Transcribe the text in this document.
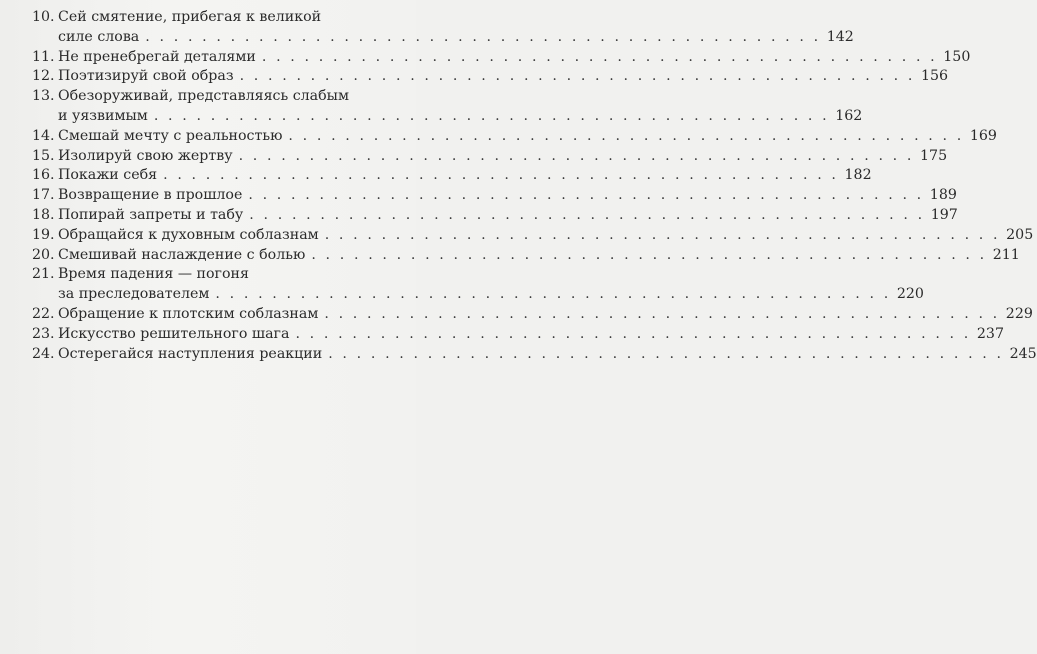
10. Сей смятение, прибегая к великой
силе слова . . . . . . . . . . . . . . . . . . . . . . . . . . . . . . . . . . . . . . . . . . . . . . . . 142
11. Не пренебрегай деталями . . . . . . . . . . . . . . . . . . . . . . . . . . . . . . . . . . . . . . . . . . . . . . . . 150
12. Поэтизируй свой образ . . . . . . . . . . . . . . . . . . . . . . . . . . . . . . . . . . . . . . . . . . . . . . . . 156
13. Обезоруживай, представляясь слабым
и уязвимым . . . . . . . . . . . . . . . . . . . . . . . . . . . . . . . . . . . . . . . . . . . . . . . . 162
14. Смешай мечту с реальностью . . . . . . . . . . . . . . . . . . . . . . . . . . . . . . . . . . . . . . . . . . . . . . . . 169
15. Изолируй свою жертву . . . . . . . . . . . . . . . . . . . . . . . . . . . . . . . . . . . . . . . . . . . . . . . . 175
16. Покажи себя . . . . . . . . . . . . . . . . . . . . . . . . . . . . . . . . . . . . . . . . . . . . . . . . 182
17. Возвращение в прошлое . . . . . . . . . . . . . . . . . . . . . . . . . . . . . . . . . . . . . . . . . . . . . . . . 189
18. Попирай запреты и табу . . . . . . . . . . . . . . . . . . . . . . . . . . . . . . . . . . . . . . . . . . . . . . . . 197
19. Обращайся к духовным соблазнам . . . . . . . . . . . . . . . . . . . . . . . . . . . . . . . . . . . . . . . . . . . . . . . . 205
20. Смешивай наслаждение с болью . . . . . . . . . . . . . . . . . . . . . . . . . . . . . . . . . . . . . . . . . . . . . . . . 211
21. Время падения — погоня
за преследователем . . . . . . . . . . . . . . . . . . . . . . . . . . . . . . . . . . . . . . . . . . . . . . . . 220
22. Обращение к плотским соблазнам . . . . . . . . . . . . . . . . . . . . . . . . . . . . . . . . . . . . . . . . . . . . . . . . 229
23. Искусство решительного шага . . . . . . . . . . . . . . . . . . . . . . . . . . . . . . . . . . . . . . . . . . . . . . . . 237
24. Остерегайся наступления реакции . . . . . . . . . . . . . . . . . . . . . . . . . . . . . . . . . . . . . . . . . . . . . . . . 245
